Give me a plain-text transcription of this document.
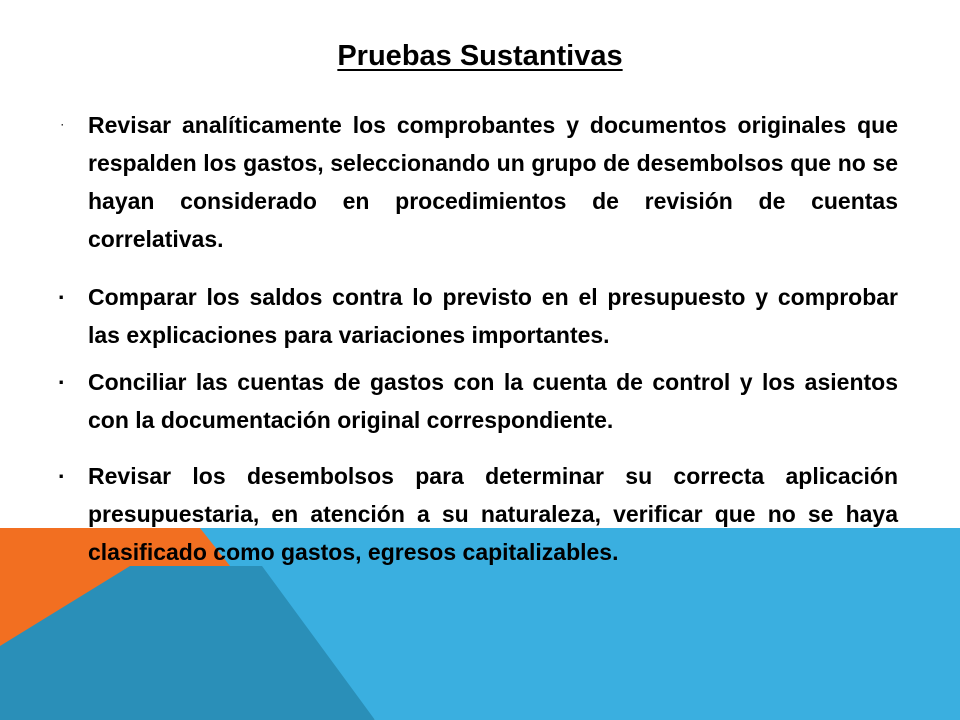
Pruebas Sustantivas
·	Revisar analíticamente los comprobantes y documentos originales que respalden los gastos, seleccionando un grupo de desembolsos que no se hayan considerado en procedimientos de revisión de cuentas correlativas.
· Comparar los saldos contra lo previsto en el presupuesto y comprobar las explicaciones para variaciones importantes.
· Conciliar las cuentas de gastos con la cuenta de control y los asientos con la documentación original correspondiente.
· Revisar los desembolsos para determinar su correcta aplicación presupuestaria, en atención a su naturaleza, verificar que no se haya clasificado como gastos, egresos capitalizables.
